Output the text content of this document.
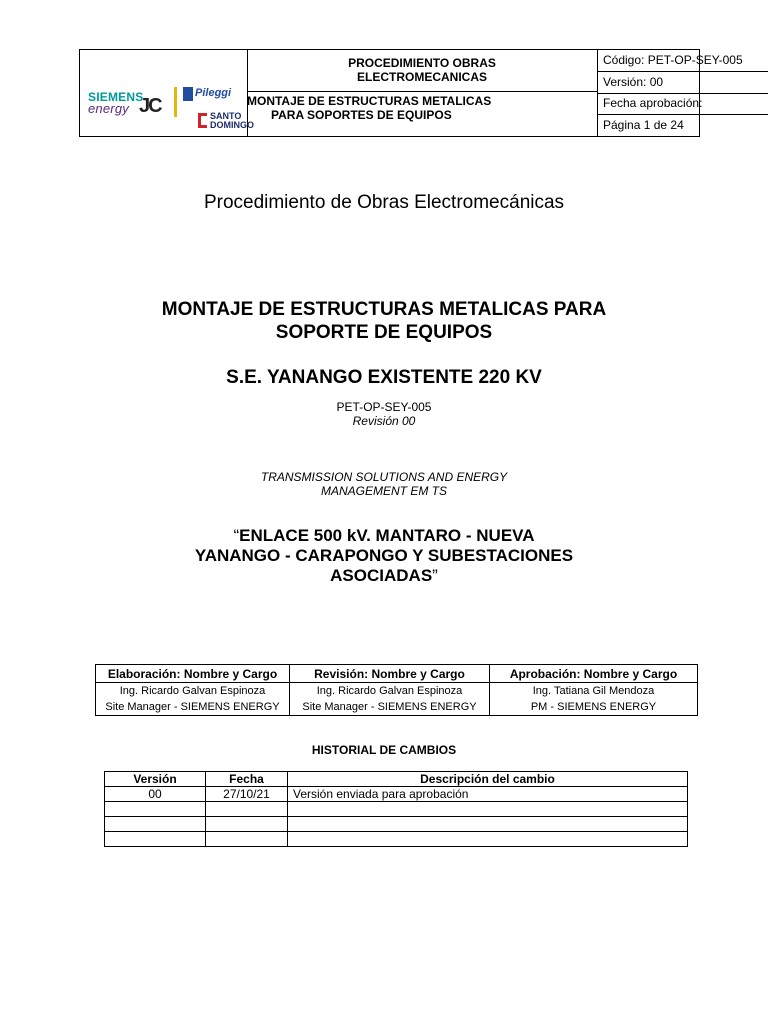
SIEMENS
energy JC
Pileggi
SANTO
DOMINGO
PROCEDIMIENTO OBRAS
ELECTROMECANICAS
MONTAJE DE ESTRUCTURAS METALICAS
PARA SOPORTES DE EQUIPOS
Código: PET-OP-SEY-005
Versión: 00
Fecha aprobación:
Página 1 de 24
Procedimiento de Obras Electromecánicas
MONTAJE DE ESTRUCTURAS METALICAS PARA
SOPORTE DE EQUIPOS
S.E. YANANGO EXISTENTE 220 KV
PET-OP-SEY-005
Revisión 00
TRANSMISSION SOLUTIONS AND ENERGY
MANAGEMENT EM TS
“ENLACE 500 kV. MANTARO - NUEVA
YANANGO - CARAPONGO Y SUBESTACIONES
ASOCIADAS”
Elaboración: Nombre y Cargo	Revisión: Nombre y Cargo	Aprobación: Nombre y Cargo
Ing. Ricardo Galvan Espinoza	Ing. Ricardo Galvan Espinoza	Ing. Tatiana Gil Mendoza
Site Manager - SIEMENS ENERGY	Site Manager - SIEMENS ENERGY	PM - SIEMENS ENERGY
HISTORIAL DE CAMBIOS
Versión	Fecha	Descripción del cambio
00	27/10/21	Versión enviada para aprobación
